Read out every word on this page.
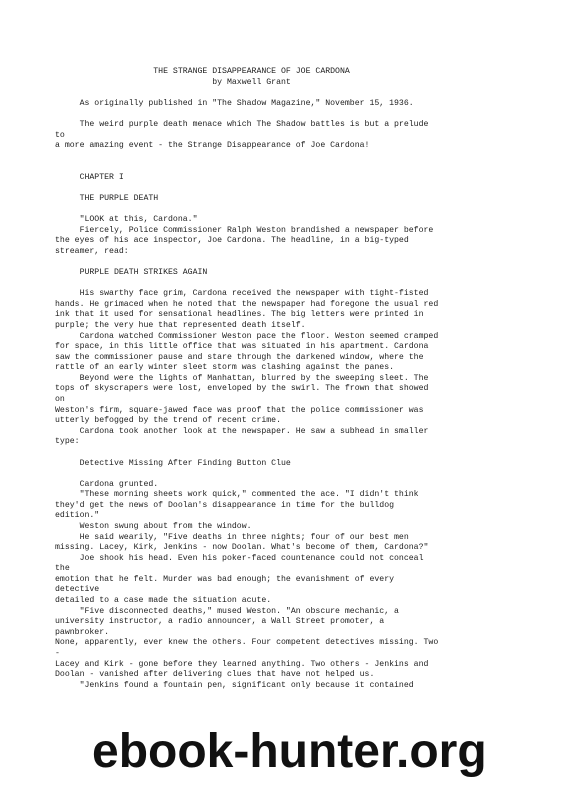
THE STRANGE DISAPPEARANCE OF JOE CARDONA
by Maxwell Grant
As originally published in "The Shadow Magazine," November 15, 1936.
The weird purple death menace which The Shadow battles is but a prelude
to
a more amazing event - the Strange Disappearance of Joe Cardona!
CHAPTER I
THE PURPLE DEATH
"LOOK at this, Cardona."
Fiercely, Police Commissioner Ralph Weston brandished a newspaper before
the eyes of his ace inspector, Joe Cardona. The headline, in a big-typed
streamer, read:
PURPLE DEATH STRIKES AGAIN
His swarthy face grim, Cardona received the newspaper with tight-fisted
hands. He grimaced when he noted that the newspaper had foregone the usual red
ink that it used for sensational headlines. The big letters were printed in
purple; the very hue that represented death itself.
Cardona watched Commissioner Weston pace the floor. Weston seemed cramped
for space, in this little office that was situated in his apartment. Cardona
saw the commissioner pause and stare through the darkened window, where the
rattle of an early winter sleet storm was clashing against the panes.
Beyond were the lights of Manhattan, blurred by the sweeping sleet. The
tops of skyscrapers were lost, enveloped by the swirl. The frown that showed
on
Weston's firm, square-jawed face was proof that the police commissioner was
utterly befogged by the trend of recent crime.
Cardona took another look at the newspaper. He saw a subhead in smaller
type:
Detective Missing After Finding Button Clue
Cardona grunted.
"These morning sheets work quick," commented the ace. "I didn't think
they'd get the news of Doolan's disappearance in time for the bulldog
edition."
Weston swung about from the window.
He said wearily, "Five deaths in three nights; four of our best men
missing. Lacey, Kirk, Jenkins - now Doolan. What's become of them, Cardona?"
Joe shook his head. Even his poker-faced countenance could not conceal
the
emotion that he felt. Murder was bad enough; the evanishment of every
detective
detailed to a case made the situation acute.
"Five disconnected deaths," mused Weston. "An obscure mechanic, a
university instructor, a radio announcer, a Wall Street promoter, a
pawnbroker.
None, apparently, ever knew the others. Four competent detectives missing. Two
-
Lacey and Kirk - gone before they learned anything. Two others - Jenkins and
Doolan - vanished after delivering clues that have not helped us.
"Jenkins found a fountain pen, significant only because it contained
ebook-hunter.org
